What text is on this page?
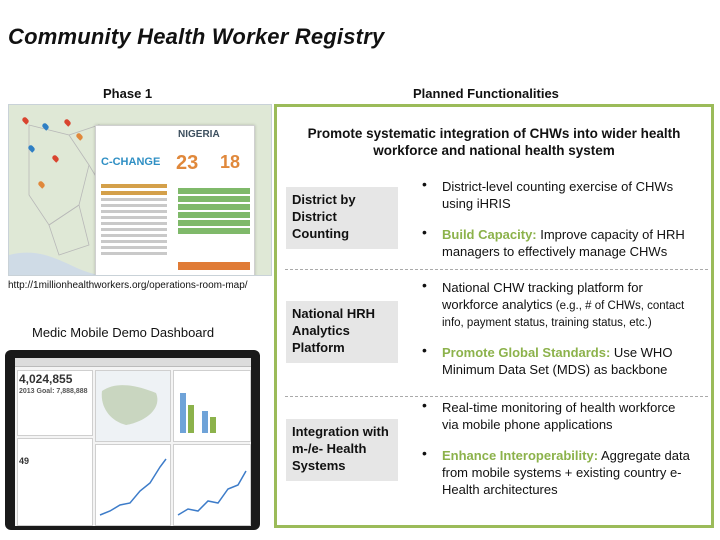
Community Health Worker Registry
Phase 1	Planned Functionalities
NIGERIA
C-CHANGE 23 18
http://1millionhealthworkers.org/operations-room-map/
Medic Mobile Demo Dashboard
4,024,855
2013 Goal: 7,888,888
49
Promote systematic integration of CHWs into wider health
workforce and national health system
District by
District
Counting
National HRH
Analytics
Platform
Integration with
m-/e- Health
Systems
• District-level counting exercise of CHWs
using iHRIS
• Build Capacity: Improve capacity of HRH
managers to effectively manage CHWs
• National CHW tracking platform for
workforce analytics (e.g., # of CHWs, contact
info, payment status, training status, etc.)
• Promote Global Standards: Use WHO
Minimum Data Set (MDS) as backbone
• Real-time monitoring of health workforce
via mobile phone applications
• Enhance Interoperability: Aggregate data
from mobile systems + existing country e-
Health architectures
